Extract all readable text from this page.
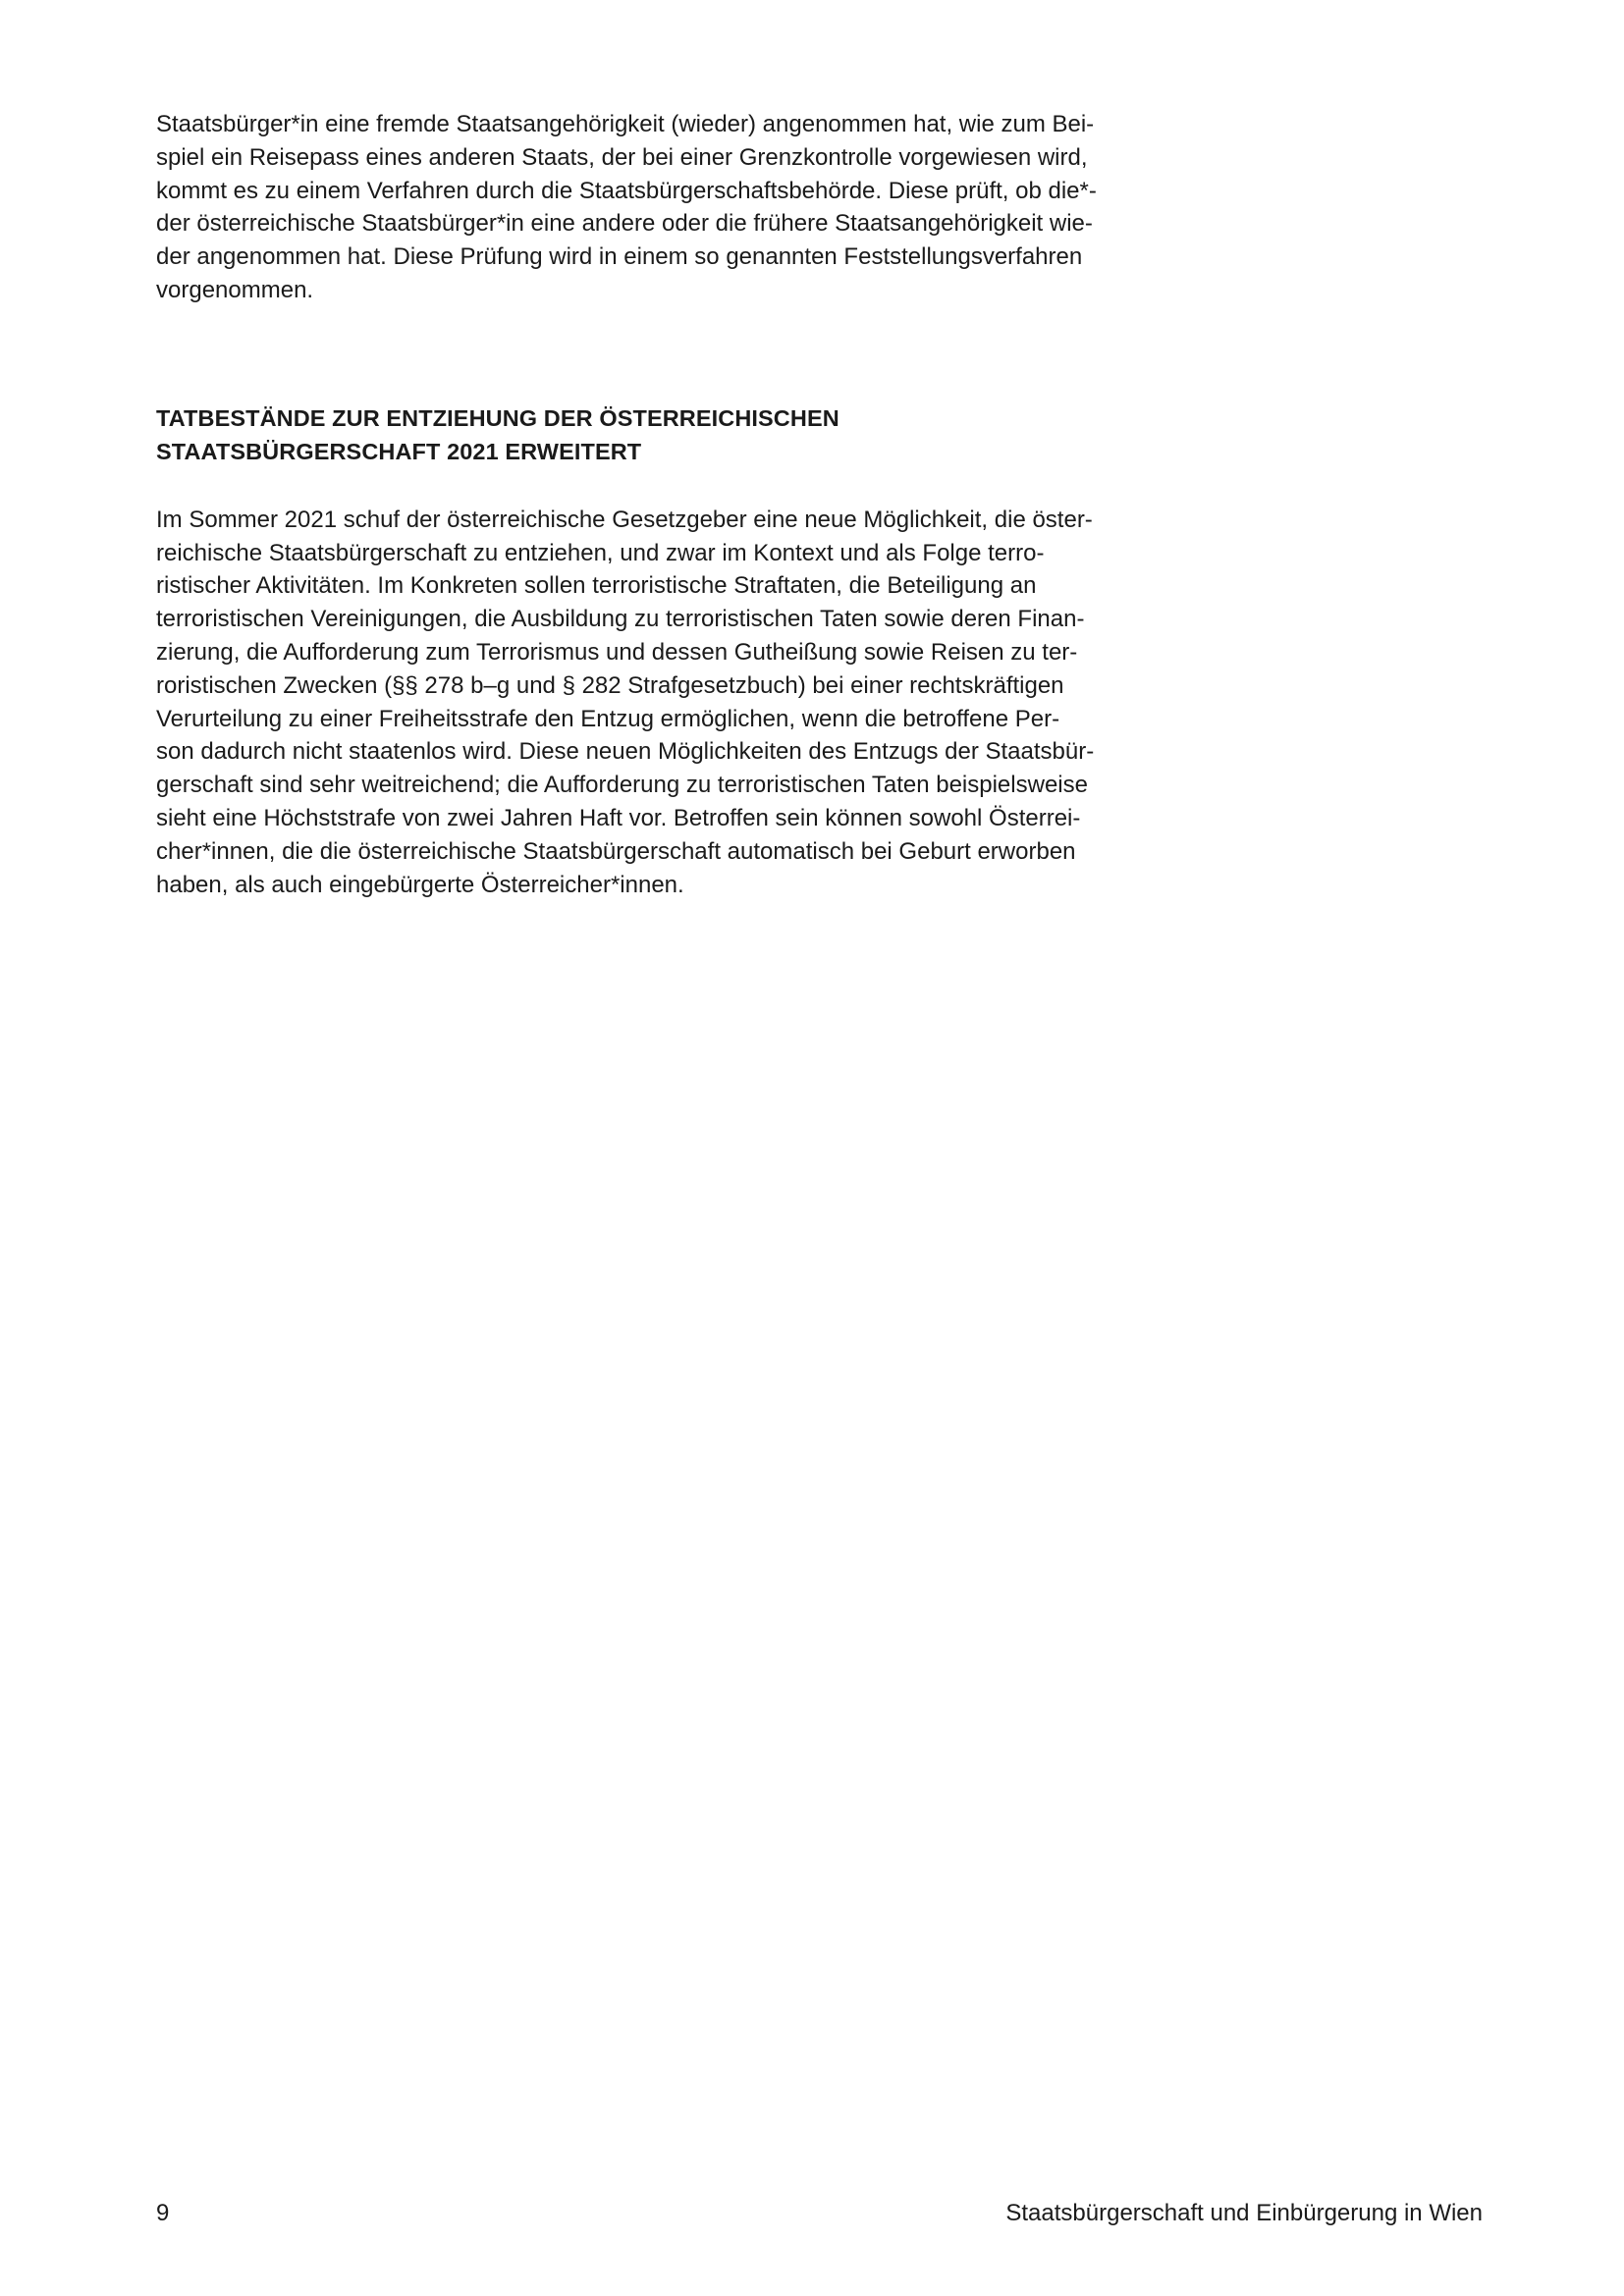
Staatsbürger*in eine fremde Staatsangehörigkeit (wieder) angenommen hat, wie zum Bei-
spiel ein Reisepass eines anderen Staats, der bei einer Grenzkontrolle vorgewiesen wird,
kommt es zu einem Verfahren durch die Staatsbürgerschaftsbehörde. Diese prüft, ob die*-
der österreichische Staatsbürger*in eine andere oder die frühere Staatsangehörigkeit wie-
der angenommen hat. Diese Prüfung wird in einem so genannten Feststellungsverfahren
vorgenommen.

TATBESTÄNDE ZUR ENTZIEHUNG DER ÖSTERREICHISCHEN
STAATSBÜRGERSCHAFT 2021 ERWEITERT

Im Sommer 2021 schuf der österreichische Gesetzgeber eine neue Möglichkeit, die öster-
reichische Staatsbürgerschaft zu entziehen, und zwar im Kontext und als Folge terro-
ristischer Aktivitäten. Im Konkreten sollen terroristische Straftaten, die Beteiligung an
terroristischen Vereinigungen, die Ausbildung zu terroristischen Taten sowie deren Finan-
zierung, die Aufforderung zum Terrorismus und dessen Gutheißung sowie Reisen zu ter-
roristischen Zwecken (§§ 278 b–g und § 282 Strafgesetzbuch) bei einer rechtskräftigen
Verurteilung zu einer Freiheitsstrafe den Entzug ermöglichen, wenn die betroffene Per-
son dadurch nicht staatenlos wird. Diese neuen Möglichkeiten des Entzugs der Staatsbür-
gerschaft sind sehr weitreichend; die Aufforderung zu terroristischen Taten beispielsweise
sieht eine Höchststrafe von zwei Jahren Haft vor. Betroffen sein können sowohl Österrei-
cher*innen, die die österreichische Staatsbürgerschaft automatisch bei Geburt erworben
haben, als auch eingebürgerte Österreicher*innen.

9	Staatsbürgerschaft und Einbürgerung in Wien
